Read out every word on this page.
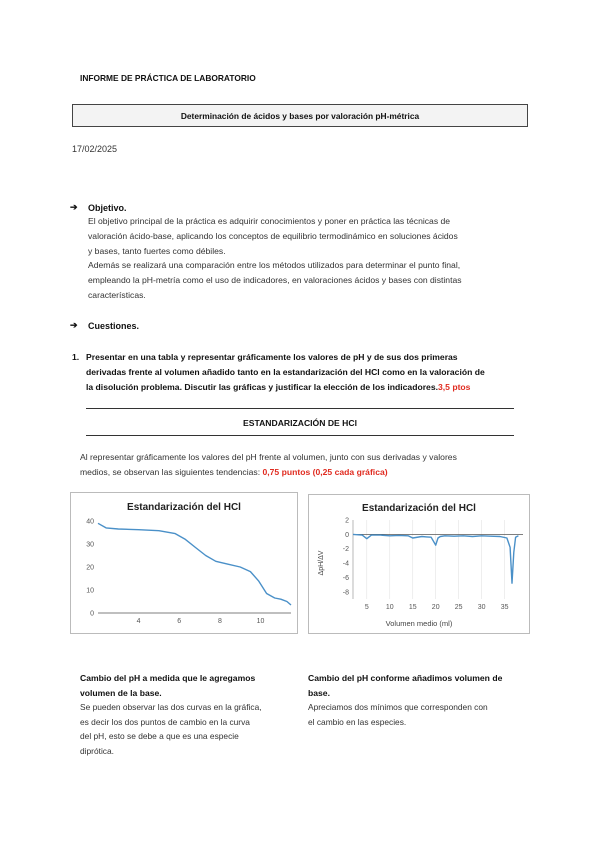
INFORME DE PRÁCTICA DE LABORATORIO
Determinación de ácidos y bases por valoración pH-métrica
17/02/2025
➔	Objetivo.
El objetivo principal de la práctica es adquirir conocimientos y poner en práctica las técnicas de
valoración ácido-base, aplicando los conceptos de equilibrio termodinámico en soluciones ácidos
y bases, tanto fuertes como débiles.
Además se realizará una comparación entre los métodos utilizados para determinar el punto final,
empleando la pH-metría como el uso de indicadores, en valoraciones ácidos y bases con distintas
características.
➔	Cuestiones.
1. Presentar en una tabla y representar gráficamente los valores de pH y de sus dos primeras
derivadas frente al volumen añadido tanto en la estandarización del HCl como en la valoración de
la disolución problema. Discutir las gráficas y justificar la elección de los indicadores.3,5 ptos
ESTANDARIZACIÓN DE HCl
Al representar gráficamente los valores del pH frente al volumen, junto con sus derivadas y valores
medios, se observan las siguientes tendencias: 0,75 puntos (0,25 cada gráfica)
Estandarización del HCl
0
10
20
30
40
4	6	8	10
Estandarización del HCl
2
0
-2
-4
-6
-8
5 10 15 20 25 30 35
Volumen medio (ml)
ΔpH/ΔV
Cambio del pH a medida que le agregamos
volumen de la base.
Se pueden observar las dos curvas en la gráfica,
es decir los dos puntos de cambio en la curva
del pH, esto se debe a que es una especie
diprótica.
Cambio del pH conforme añadimos volumen de
base.
Apreciamos dos mínimos que corresponden con
el cambio en las especies.
